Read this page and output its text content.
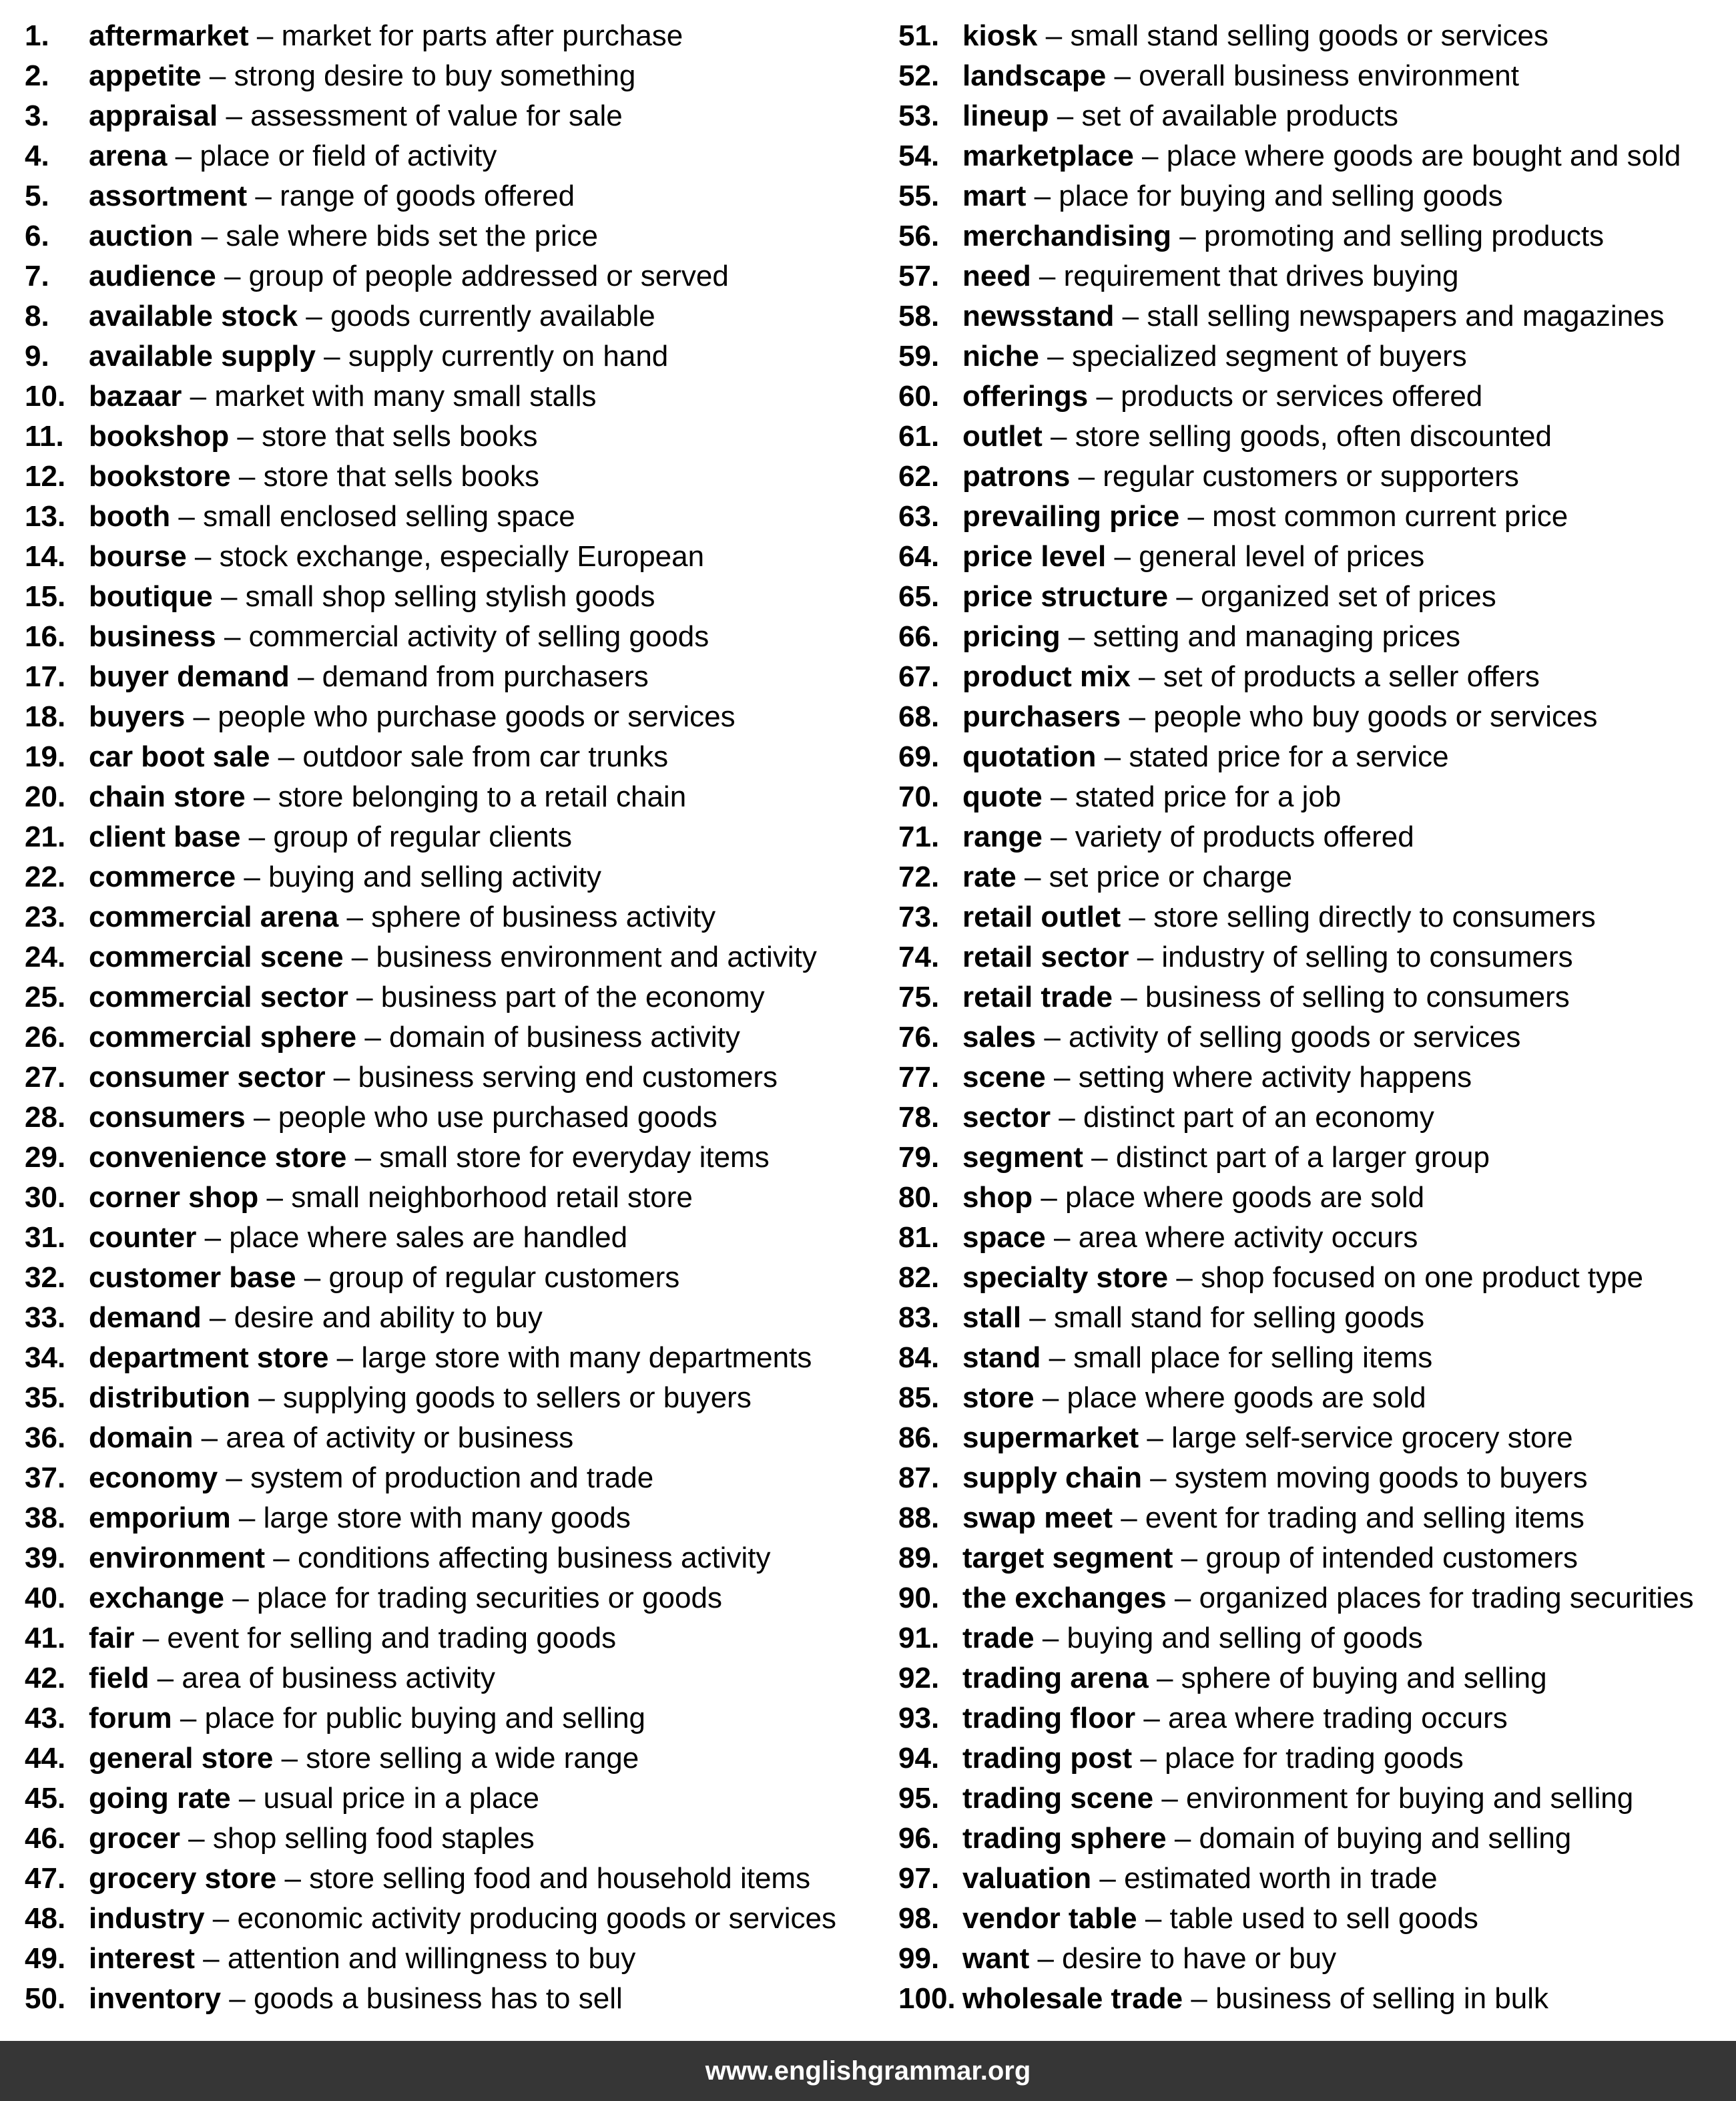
1. aftermarket – market for parts after purchase
2. appetite – strong desire to buy something
3. appraisal – assessment of value for sale
4. arena – place or field of activity
5. assortment – range of goods offered
6. auction – sale where bids set the price
7. audience – group of people addressed or served
8. available stock – goods currently available
9. available supply – supply currently on hand
10. bazaar – market with many small stalls
11. bookshop – store that sells books
12. bookstore – store that sells books
13. booth – small enclosed selling space
14. bourse – stock exchange, especially European
15. boutique – small shop selling stylish goods
16. business – commercial activity of selling goods
17. buyer demand – demand from purchasers
18. buyers – people who purchase goods or services
19. car boot sale – outdoor sale from car trunks
20. chain store – store belonging to a retail chain
21. client base – group of regular clients
22. commerce – buying and selling activity
23. commercial arena – sphere of business activity
24. commercial scene – business environment and activity
25. commercial sector – business part of the economy
26. commercial sphere – domain of business activity
27. consumer sector – business serving end customers
28. consumers – people who use purchased goods
29. convenience store – small store for everyday items
30. corner shop – small neighborhood retail store
31. counter – place where sales are handled
32. customer base – group of regular customers
33. demand – desire and ability to buy
34. department store – large store with many departments
35. distribution – supplying goods to sellers or buyers
36. domain – area of activity or business
37. economy – system of production and trade
38. emporium – large store with many goods
39. environment – conditions affecting business activity
40. exchange – place for trading securities or goods
41. fair – event for selling and trading goods
42. field – area of business activity
43. forum – place for public buying and selling
44. general store – store selling a wide range
45. going rate – usual price in a place
46. grocer – shop selling food staples
47. grocery store – store selling food and household items
48. industry – economic activity producing goods or services
49. interest – attention and willingness to buy
50. inventory – goods a business has to sell
51. kiosk – small stand selling goods or services
52. landscape – overall business environment
53. lineup – set of available products
54. marketplace – place where goods are bought and sold
55. mart – place for buying and selling goods
56. merchandising – promoting and selling products
57. need – requirement that drives buying
58. newsstand – stall selling newspapers and magazines
59. niche – specialized segment of buyers
60. offerings – products or services offered
61. outlet – store selling goods, often discounted
62. patrons – regular customers or supporters
63. prevailing price – most common current price
64. price level – general level of prices
65. price structure – organized set of prices
66. pricing – setting and managing prices
67. product mix – set of products a seller offers
68. purchasers – people who buy goods or services
69. quotation – stated price for a service
70. quote – stated price for a job
71. range – variety of products offered
72. rate – set price or charge
73. retail outlet – store selling directly to consumers
74. retail sector – industry of selling to consumers
75. retail trade – business of selling to consumers
76. sales – activity of selling goods or services
77. scene – setting where activity happens
78. sector – distinct part of an economy
79. segment – distinct part of a larger group
80. shop – place where goods are sold
81. space – area where activity occurs
82. specialty store – shop focused on one product type
83. stall – small stand for selling goods
84. stand – small place for selling items
85. store – place where goods are sold
86. supermarket – large self-service grocery store
87. supply chain – system moving goods to buyers
88. swap meet – event for trading and selling items
89. target segment – group of intended customers
90. the exchanges – organized places for trading securities
91. trade – buying and selling of goods
92. trading arena – sphere of buying and selling
93. trading floor – area where trading occurs
94. trading post – place for trading goods
95. trading scene – environment for buying and selling
96. trading sphere – domain of buying and selling
97. valuation – estimated worth in trade
98. vendor table – table used to sell goods
99. want – desire to have or buy
100. wholesale trade – business of selling in bulk
www.englishgrammar.org
